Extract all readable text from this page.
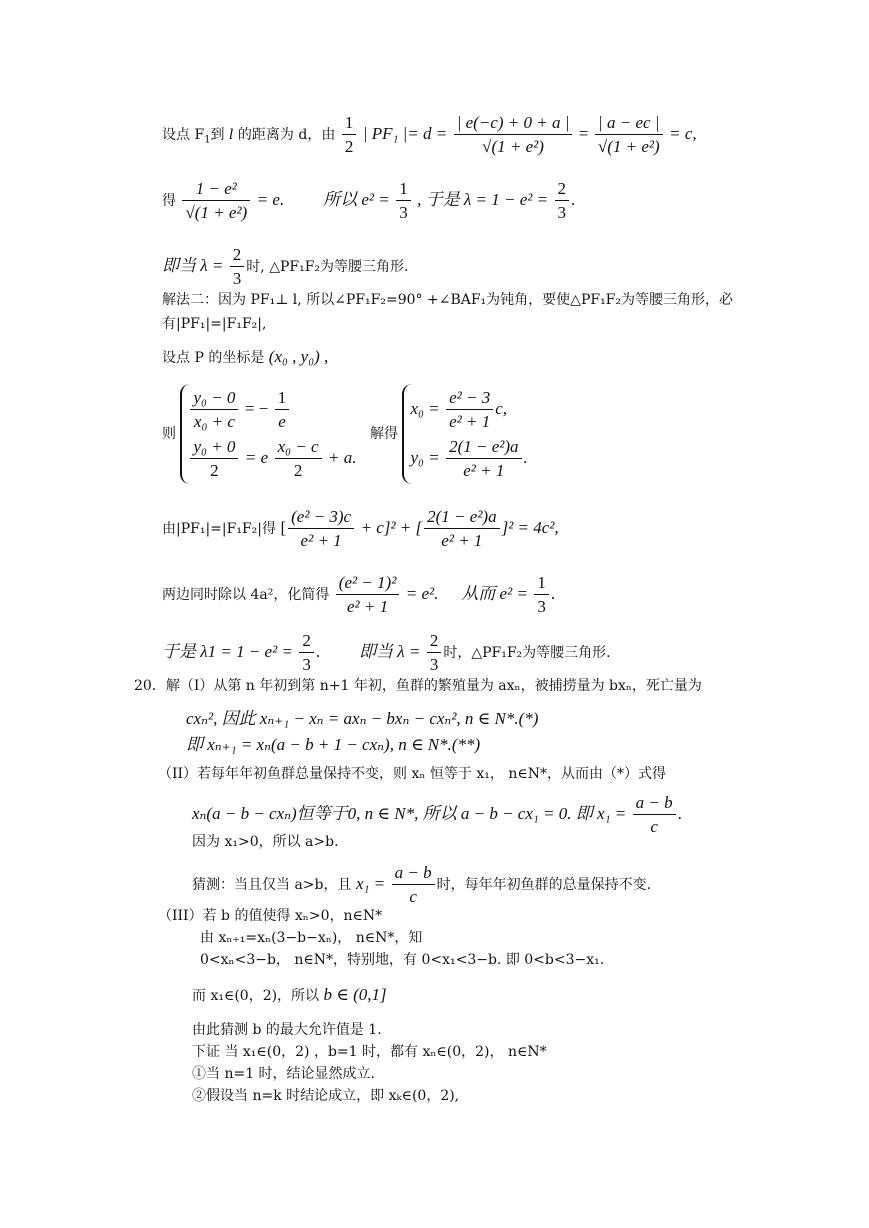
设点 $F_1$到 l 的距离为 d，由 $\frac{1}{2}$ | PF₁ |= $d = \frac{| e(-c) + 0 + a |}{\text{√(1 + e²)}} = \frac{| a - ec |}{\text{√(1 + e²)}} = c$,
得 $\frac{\text{1 − e²}}{\text{√(1 + e²)}} = e$. 所以 $e^2 = \frac{1}{3}$ , 于是 $\lambda = 1 - e^2 = \frac{2}{3}$ .
即当 $\lambda = \frac{2}{3}$ 时, △PF₁F₂为等腰三角形.
解法二：因为 PF₁⊥ l, 所以∠PF₁F₂=90° +∠BAF₁为钝角，要使△PF₁F₂为等腰三角形，必
有|PF₁|=|F₁F₂|,
设点 P 的坐标是 (x₀ , y₀) ,
则
$\frac{\text{y₀ − 0}}{\text{x₀ + c}}$ = − $\frac{1}{e}$
$\frac{\text{y₀ + 0}}{2} = e \frac{\text{x₀ − c}}{2} + a$.
解得
$x_0 = \frac{\text{e² − 3}}{\text{e² + 1}} c$,
$y_0 = \frac{\text{2(1 − e²)a}}{\text{e² + 1}}$ .
由|PF₁|=|F₁F₂|得 [ $\frac{\text{(e² − 3)c}}{\text{e² + 1}} + c]^2$ + [ $\frac{\text{2(1 − e²)a}}{\text{e² + 1}} ]^2 = 4c^2$,
两边同时除以 4a²，化简得 $\frac{\text{(e² − 1)²}}{\text{e² + 1}} = e^2$. 从而 $e^2 = \frac{1}{3}$ .
于是 $\lambda 1 = 1 - e^2 = \frac{2}{3}$ . 即当 $\lambda = \frac{2}{3}$ 时，△PF₁F₂为等腰三角形.
20．解（I）从第 n 年初到第 n+1 年初，鱼群的繁殖量为 axₙ，被捕捞量为 bxₙ，死亡量为
cxₙ², 因此 xₙ₊₁ − xₙ = axₙ − bxₙ − cxₙ², n ∈ N*.(*)
即 xₙ₊₁ = xₙ(a − b + 1 − cxₙ), n ∈ N*.(**)
（II）若每年年初鱼群总量保持不变，则 xₙ 恒等于 x₁， n∈N*，从而由（*）式得
xₙ(a − b − cxₙ)恒等于0, n ∈ N*, 所以 a − b − cx₁ = 0. 即 $x_1 = \frac{a - b}{c}$ .
因为 x₁>0，所以 a>b.
猜测：当且仅当 a>b，且 $x_1 = \frac{a - b}{c}$ 时，每年年初鱼群的总量保持不变.
（III）若 b 的值使得 xₙ>0，n∈N*
由 xₙ₊₁=xₙ(3−b−xₙ)， n∈N*，知
0<xₙ<3−b， n∈N*，特别地，有 0<x₁<3−b. 即 0<b<3−x₁.
而 x₁∈(0，2)，所以 b ∈ (0,1]
由此猜测 b 的最大允许值是 1.
下证 当 x₁∈(0，2) ，b=1 时，都有 xₙ∈(0，2)， n∈N*
①当 n=1 时，结论显然成立.
②假设当 n=k 时结论成立，即 xₖ∈(0，2),
